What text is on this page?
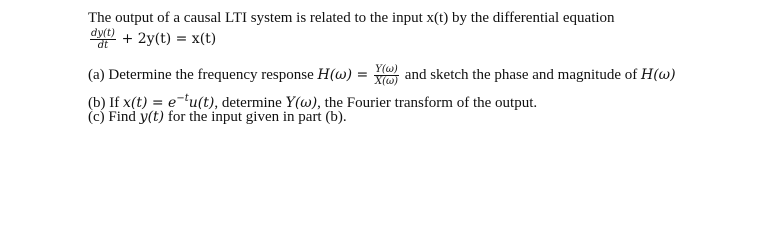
The output of a causal LTI system is related to the input x(t) by the differential equation
$\frac{dy(t)}{dt} + 2y(t) = x(t)$
(a) Determine the frequency response $H(\omega) = \frac{Y(\omega)}{X(\omega)}$ and sketch the phase and magnitude of H(ω)
(b) If $x(t) = e^{-t}u(t)$, determine Y(ω), the Fourier transform of the output.
(c) Find y(t) for the input given in part (b).
